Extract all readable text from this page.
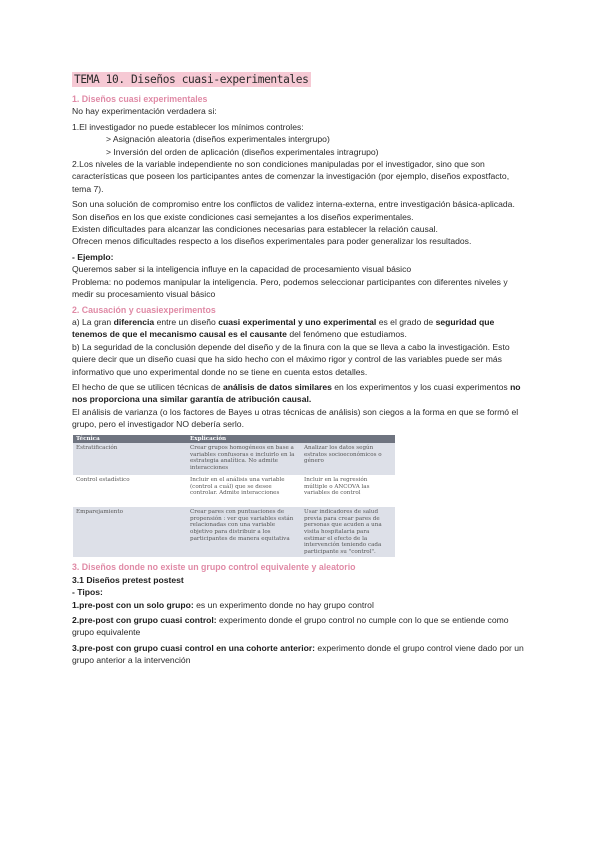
TEMA 10. Diseños cuasi-experimentales
1. Diseños cuasi experimentales

No hay experimentación verdadera si:

1.El investigador no puede establecer los mínimos controles:

> Asignación aleatoria (diseños experimentales intergrupo)

> Inversión del orden de aplicación (diseños experimentales intragrupo)

2.Los niveles de la variable independiente no son condiciones manipuladas por el investigador, sino que son características que poseen los participantes antes de comenzar la investigación (por ejemplo, diseños expostfacto, tema 7).

Son una solución de compromiso entre los conflictos de validez interna-externa, entre investigación básica-aplicada.

Son diseños en los que existe condiciones casi semejantes a los diseños experimentales.

Existen dificultades para alcanzar las condiciones necesarias para establecer la relación causal.

Ofrecen menos dificultades respecto a los diseños experimentales para poder generalizar los resultados.

- Ejemplo:

Queremos saber si la inteligencia influye en la capacidad de procesamiento visual básico

Problema: no podemos manipular la inteligencia. Pero, podemos seleccionar participantes con diferentes niveles y medir su procesamiento visual básico

2. Causación y cuasiexperimentos

a) La gran diferencia entre un diseño cuasi experimental y uno experimental es el grado de seguridad que tenemos de que el mecanismo causal es el causante del fenómeno que estudiamos.

b) La seguridad de la conclusión depende del diseño y de la finura con la que se lleva a cabo la investigación. Esto quiere decir que un diseño cuasi que ha sido hecho con el máximo rigor y control de las variables puede ser más informativo que uno experimental donde no se tiene en cuenta estos detalles.

El hecho de que se utilicen técnicas de análisis de datos similares en los experimentos y los cuasi experimentos no nos proporciona una similar garantía de atribución causal.

El análisis de varianza (o los factores de Bayes u otras técnicas de análisis) son ciegos a la forma en que se formó el grupo, pero el investigador NO debería serlo.

Técnica	Explicación	
Estratificación	Crear grupos homogéneos en base a variables confusoras e incluirlo en la estrategia analítica. No admite interacciones	Analizar los datos según estratos socioeconómicos o género
Control estadístico	Incluir en el análisis una variable (control a cuál) que se desee controlar. Admite interacciones	Incluir en la regresión múltiple o ANCOVA las variables de control
Emparejamiento	Crear pares con puntuaciones de propensión : ver que variables están relacionadas con una variable objetivo para distribuir a los participantes de manera equitativa	Usar indicadores de salud previa para crear pares de personas que acuden a una visita hospitalaria para estimar el efecto de la intervención teniendo cada participante su "control".
3. Diseños donde no existe un grupo control equivalente y aleatorio

3.1 Diseños pretest postest

- Tipos:

1.pre-post con un solo grupo: es un experimento donde no hay grupo control

2.pre-post con grupo cuasi control: experimento donde el grupo control no cumple con lo que se entiende como grupo equivalente

3.pre-post con grupo cuasi control en una cohorte anterior: experimento donde el grupo control viene dado por un grupo anterior a la intervención
